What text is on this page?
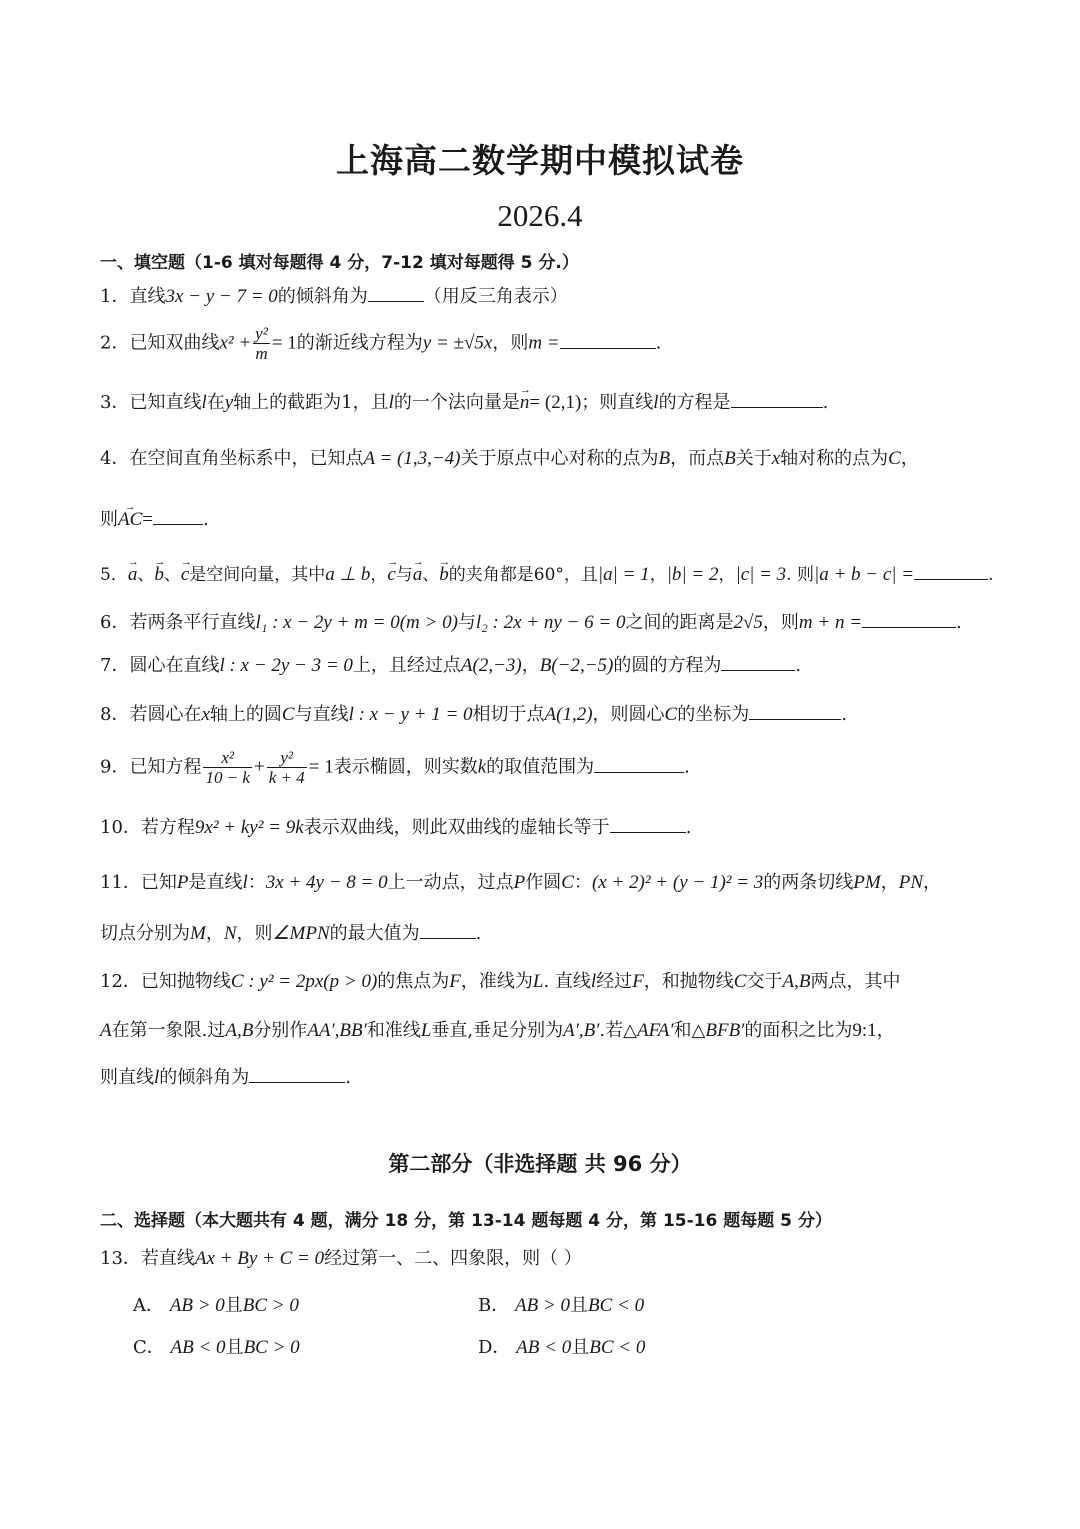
上海高二数学期中模拟试卷
2026.4
一、填空题（1-6 填对每题得 4 分，7-12 填对每题得 5 分.）
1．直线3x − y − 7 = 0的倾斜角为	（用反三角表示）
2．已知双曲线$x^2 + \frac{\text{y²}}{m} = 1$的渐近线方程为y = ±√5x，则m =	.
3．已知直线l在y轴上的截距为1，且l的一个法向量是→ n= (2,1)；则直线l的方程是	.
4．在空间直角坐标系中，已知点A = (1,3,−4)关于原点中心对称的点为B，而点B关于x轴对称的点为C，
则→ AC=	.
5．→ a、→ b、→ c是空间向量，其中a ⊥ b，→ c与→ a、→ b的夹角都是60°，且|a| = 1，|b| = 2，|c| = 3. 则|a + b − c| =	.
6．若两条平行直线l₁ : x − 2y + m = 0(m > 0)与l₂ : 2x + ny − 6 = 0之间的距离是2√5，则m + n =	.
7．圆心在直线l : x − 2y − 3 = 0上，且经过点A(2,−3)，B(−2,−5)的圆的方程为	.
8．若圆心在x轴上的圆C与直线l : x − y + 1 = 0相切于点A(1,2)，则圆心C的坐标为	.
9．已知方程 $\frac{\text{x²}}{10 - k} + \frac{\text{y²}}{k + 4} = 1$表示椭圆，则实数k的取值范围为	.
10．若方程9x² + ky² = 9k表示双曲线，则此双曲线的虚轴长等于	.
11．已知P是直线l：3x + 4y − 8 = 0上一动点，过点P作圆C：(x + 2)² + (y − 1)² = 3的两条切线PM，PN，
切点分别为M，N，则∠MPN的最大值为	.
12．已知抛物线C : y² = 2px(p > 0)的焦点为F，准线为L. 直线l经过F，和抛物线C交于A,B两点，其中
A在第一象限.过A,B分别作AA′,BB′和准线L垂直,垂足分别为A′,B′.若△AFA′和△BFB′的面积之比为9:1，
则直线l的倾斜角为	.
第二部分（非选择题 共 96 分）
二、选择题（本大题共有 4 题，满分 18 分，第 13-14 题每题 4 分，第 15-16 题每题 5 分）
13．若直线Ax + By + C = 0经过第一、二、四象限，则（ ）
A． AB > 0且BC > 0	B． AB > 0且BC < 0
C． AB < 0且BC > 0	D． AB < 0且BC < 0
